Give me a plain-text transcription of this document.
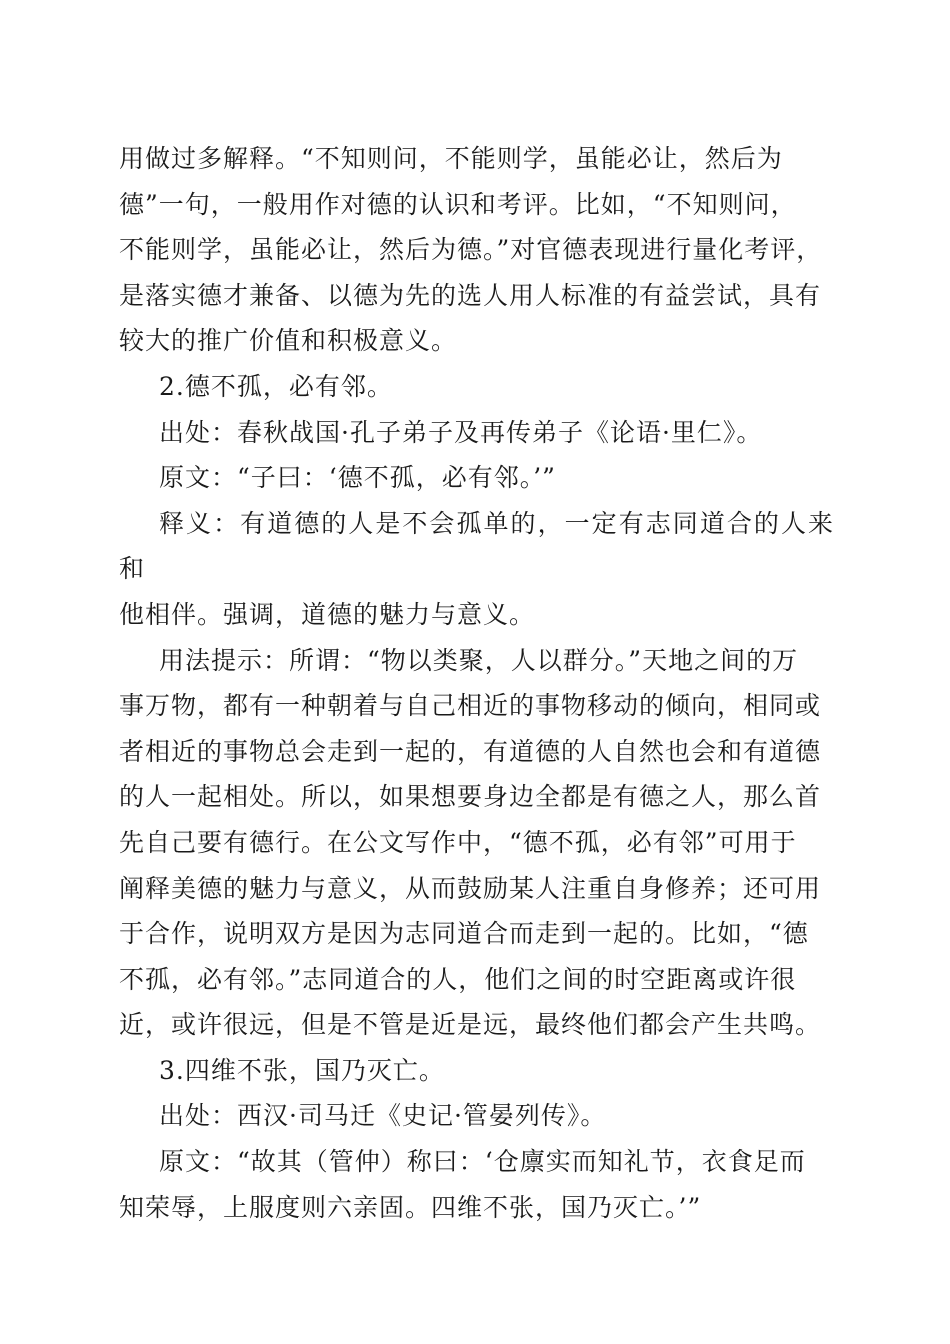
用做过多解释。“不知则问，不能则学，虽能必让，然后为
德”一句，一般用作对德的认识和考评。比如，“不知则问，
不能则学，虽能必让，然后为德。”对官德表现进行量化考评，
是落实德才兼备、以德为先的选人用人标准的有益尝试，具有
较大的推广价值和积极意义。
2.德不孤，必有邻。
出处：春秋战国·孔子弟子及再传弟子《论语·里仁》。
原文：“子曰：‘德不孤，必有邻。’”
释义：有道德的人是不会孤单的，一定有志同道合的人来和
他相伴。强调，道德的魅力与意义。
用法提示：所谓：“物以类聚，人以群分。”天地之间的万
事万物，都有一种朝着与自己相近的事物移动的倾向，相同或
者相近的事物总会走到一起的，有道德的人自然也会和有道德
的人一起相处。所以，如果想要身边全都是有德之人，那么首
先自己要有德行。在公文写作中，“德不孤，必有邻”可用于
阐释美德的魅力与意义，从而鼓励某人注重自身修养；还可用
于合作，说明双方是因为志同道合而走到一起的。比如，“德
不孤，必有邻。”志同道合的人，他们之间的时空距离或许很
近，或许很远，但是不管是近是远，最终他们都会产生共鸣。
3.四维不张，国乃灭亡。
出处：西汉·司马迁《史记·管晏列传》。
原文：“故其（管仲）称曰：‘仓廪实而知礼节，衣食足而
知荣辱，上服度则六亲固。四维不张，国乃灭亡。’”
